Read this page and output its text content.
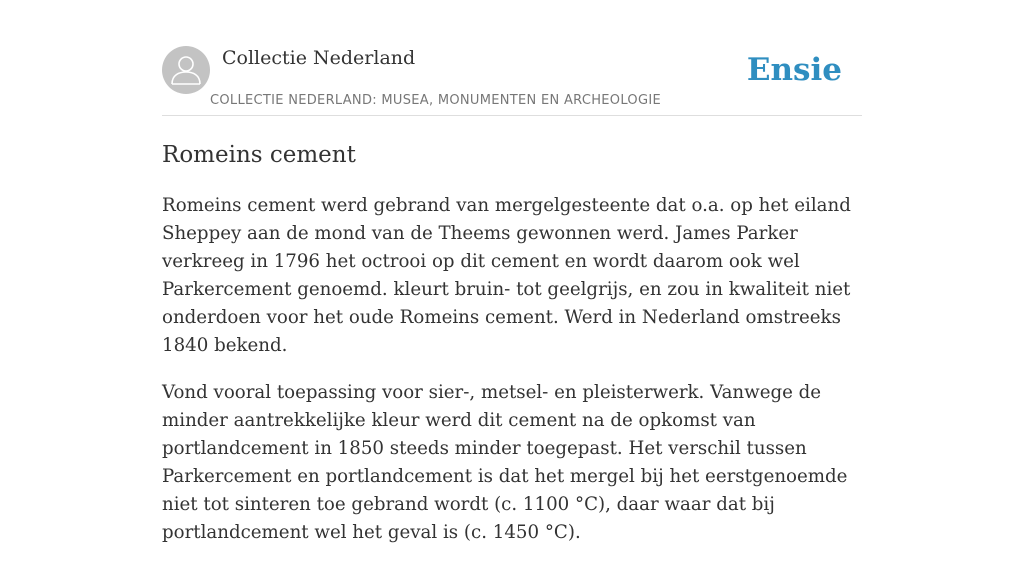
Collectie Nederland
COLLECTIE NEDERLAND: MUSEA, MONUMENTEN EN ARCHEOLOGIE
Ensie
Romeins cement

Romeins cement werd gebrand van mergelgesteente dat o.a. op het eiland Sheppey aan de mond van de Theems gewonnen werd. James Parker verkreeg in 1796 het octrooi op dit cement en wordt daarom ook wel Parkercement genoemd. kleurt bruin- tot geelgrijs, en zou in kwaliteit niet onderdoen voor het oude Romeins cement. Werd in Nederland omstreeks 1840 bekend.

Vond vooral toepassing voor sier-, metsel- en pleisterwerk. Vanwege de minder aantrekkelijke kleur werd dit cement na de opkomst van portlandcement in 1850 steeds minder toegepast. Het verschil tussen Parkercement en portlandcement is dat het mergel bij het eerstgenoemde niet tot sinteren toe gebrand wordt (c. 1100 °C), daar waar dat bij portlandcement wel het geval is (c. 1450 °C).
